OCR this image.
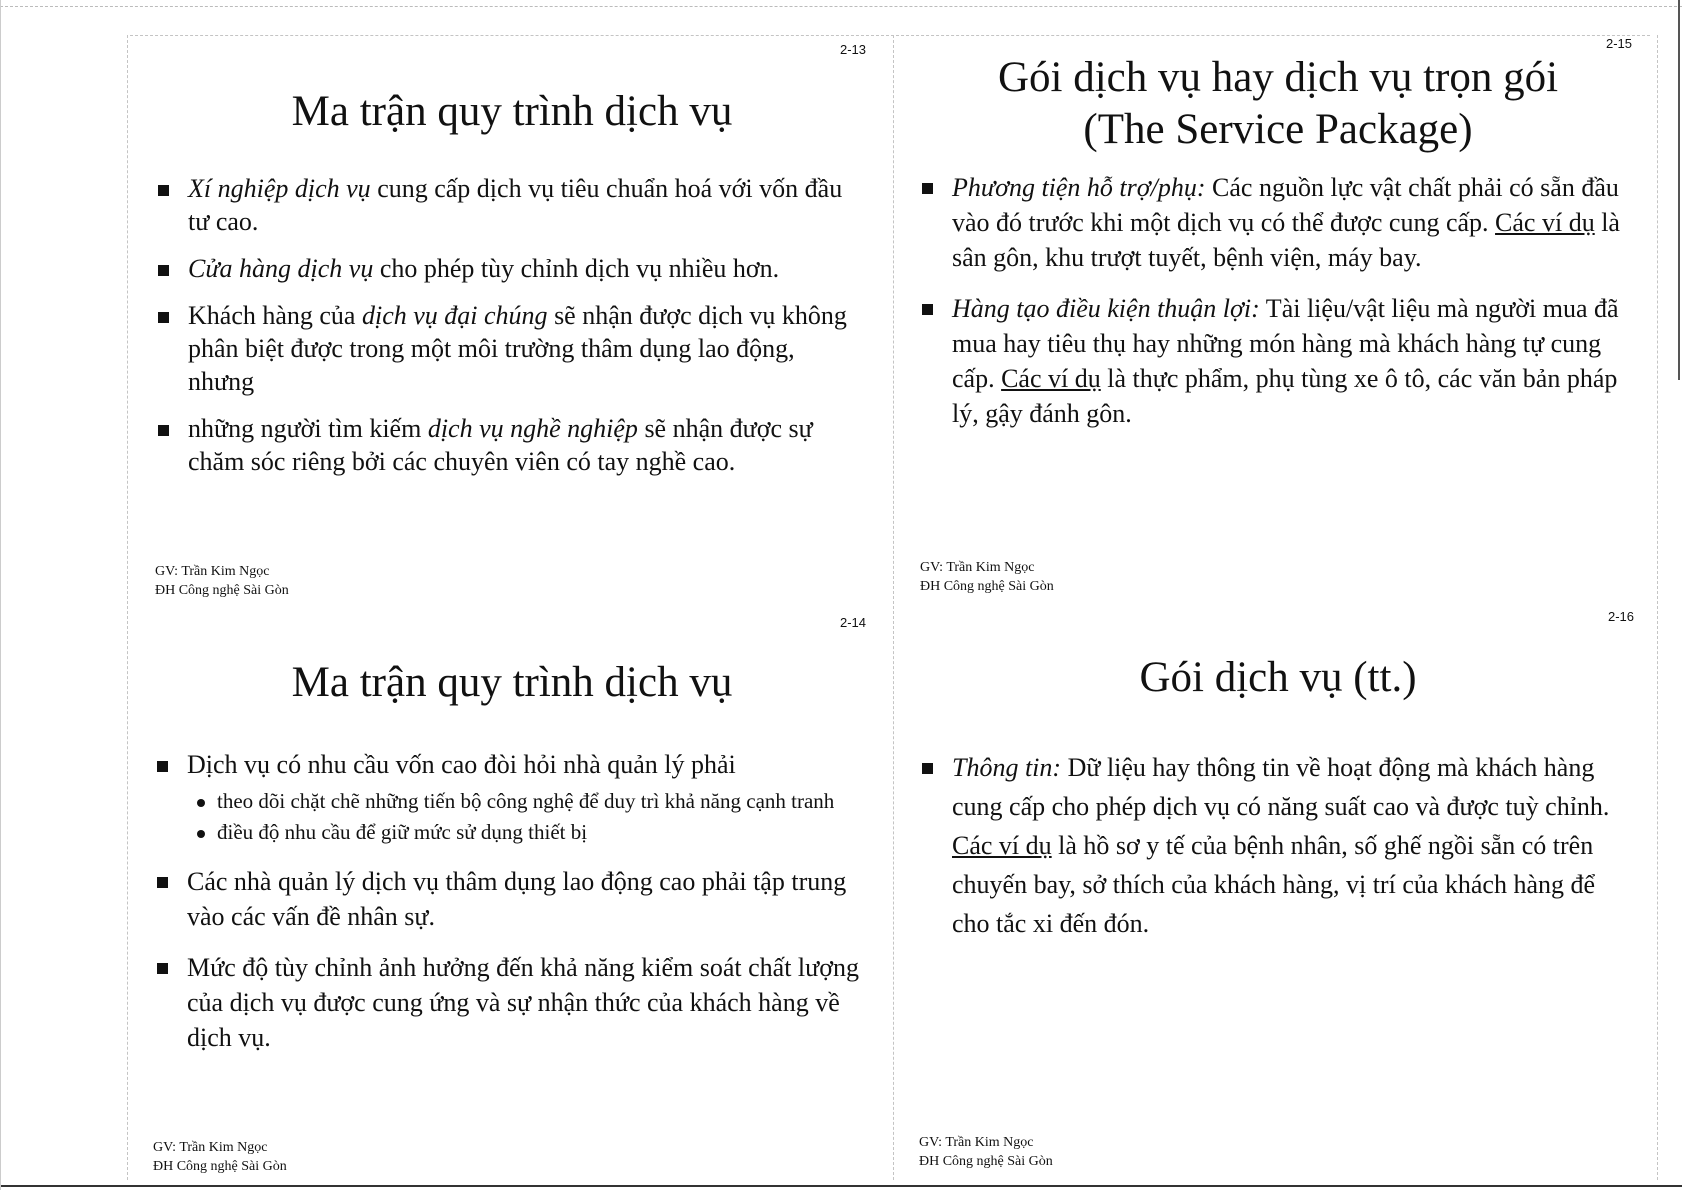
2-13
Ma trận quy trình dịch vụ
Xí nghiệp dịch vụ cung cấp dịch vụ tiêu chuẩn hoá với vốn đầu tư cao.
Cửa hàng dịch vụ cho phép tùy chỉnh dịch vụ nhiều hơn.
Khách hàng của dịch vụ đại chúng sẽ nhận được dịch vụ không phân biệt được trong một môi trường thâm dụng lao động, nhưng
những người tìm kiếm dịch vụ nghề nghiệp sẽ nhận được sự chăm sóc riêng bởi các chuyên viên có tay nghề cao.
GV: Trần Kim Ngọc
ĐH Công nghệ Sài Gòn
2-15
Gói dịch vụ hay dịch vụ trọn gói
(The Service Package)
Phương tiện hỗ trợ/phụ: Các nguồn lực vật chất phải có sẵn đầu vào đó trước khi một dịch vụ có thể được cung cấp. Các ví dụ là sân gôn, khu trượt tuyết, bệnh viện, máy bay.
Hàng tạo điều kiện thuận lợi: Tài liệu/vật liệu mà người mua đã mua hay tiêu thụ hay những món hàng mà khách hàng tự cung cấp. Các ví dụ là thực phẩm, phụ tùng xe ô tô, các văn bản pháp lý, gậy đánh gôn.
GV: Trần Kim Ngọc
ĐH Công nghệ Sài Gòn
2-14
Ma trận quy trình dịch vụ
Dịch vụ có nhu cầu vốn cao đòi hỏi nhà quản lý phải
theo dõi chặt chẽ những tiến bộ công nghệ để duy trì khả năng cạnh tranh
điều độ nhu cầu để giữ mức sử dụng thiết bị
Các nhà quản lý dịch vụ thâm dụng lao động cao phải tập trung vào các vấn đề nhân sự.
Mức độ tùy chỉnh ảnh hưởng đến khả năng kiểm soát chất lượng của dịch vụ được cung ứng và sự nhận thức của khách hàng về dịch vụ.
GV: Trần Kim Ngọc
ĐH Công nghệ Sài Gòn
2-16
Gói dịch vụ (tt.)
Thông tin: Dữ liệu hay thông tin về hoạt động mà khách hàng cung cấp cho phép dịch vụ có năng suất cao và được tuỳ chỉnh. Các ví dụ là hồ sơ y tế của bệnh nhân, số ghế ngồi sẵn có trên chuyến bay, sở thích của khách hàng, vị trí của khách hàng để cho tắc xi đến đón.
GV: Trần Kim Ngọc
ĐH Công nghệ Sài Gòn
